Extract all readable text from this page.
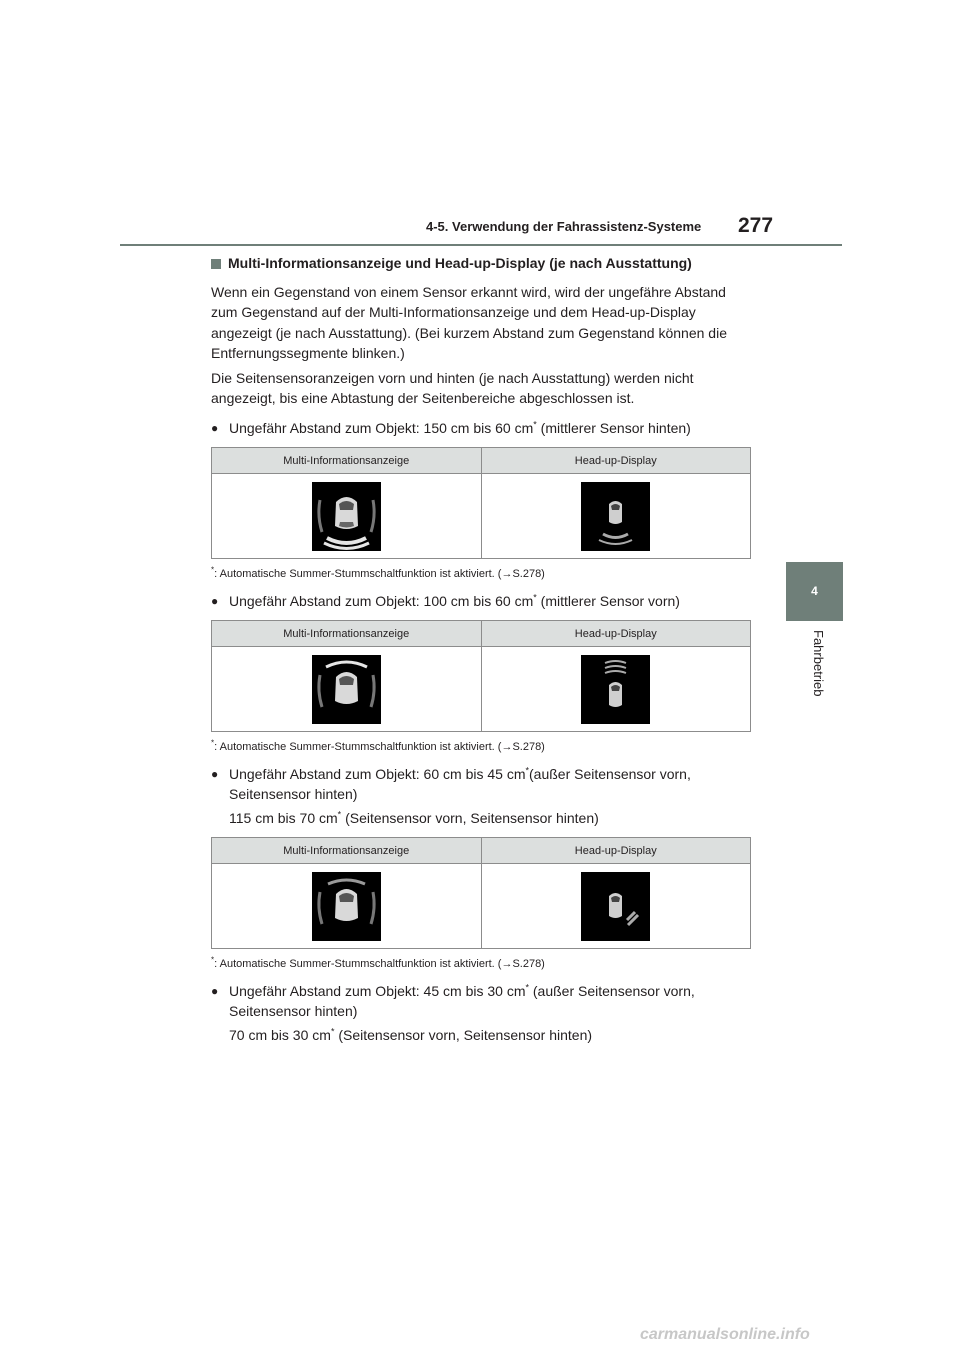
4-5. Verwendung der Fahrassistenz-Systeme 277
4
Fahrbetrieb
Multi-Informationsanzeige und Head-up-Display (je nach Ausstattung)

Wenn ein Gegenstand von einem Sensor erkannt wird, wird der ungefähre Abstand zum Gegenstand auf der Multi-Informationsanzeige und dem Head-up-Display angezeigt (je nach Ausstattung). (Bei kurzem Abstand zum Gegenstand können die Entfernungssegmente blinken.)

Die Seitensensoranzeigen vorn und hinten (je nach Ausstattung) werden nicht angezeigt, bis eine Abtastung der Seitenbereiche abgeschlossen ist.

● Ungefähr Abstand zum Objekt: 150 cm bis 60 cm* (mittlerer Sensor hinten)
Multi-Informationsanzeige	Head-up-Display

*: Automatische Summer-Stummschaltfunktion ist aktiviert. (→S.278)

● Ungefähr Abstand zum Objekt: 100 cm bis 60 cm* (mittlerer Sensor vorn)
Multi-Informationsanzeige	Head-up-Display

*: Automatische Summer-Stummschaltfunktion ist aktiviert. (→S.278)

● Ungefähr Abstand zum Objekt: 60 cm bis 45 cm*(außer Seitensensor vorn, Seitensensor hinten)
115 cm bis 70 cm* (Seitensensor vorn, Seitensensor hinten)
Multi-Informationsanzeige	Head-up-Display

*: Automatische Summer-Stummschaltfunktion ist aktiviert. (→S.278)

● Ungefähr Abstand zum Objekt: 45 cm bis 30 cm* (außer Seitensensor vorn, Seitensensor hinten)
70 cm bis 30 cm* (Seitensensor vorn, Seitensensor hinten)
carmanualsonline.info
